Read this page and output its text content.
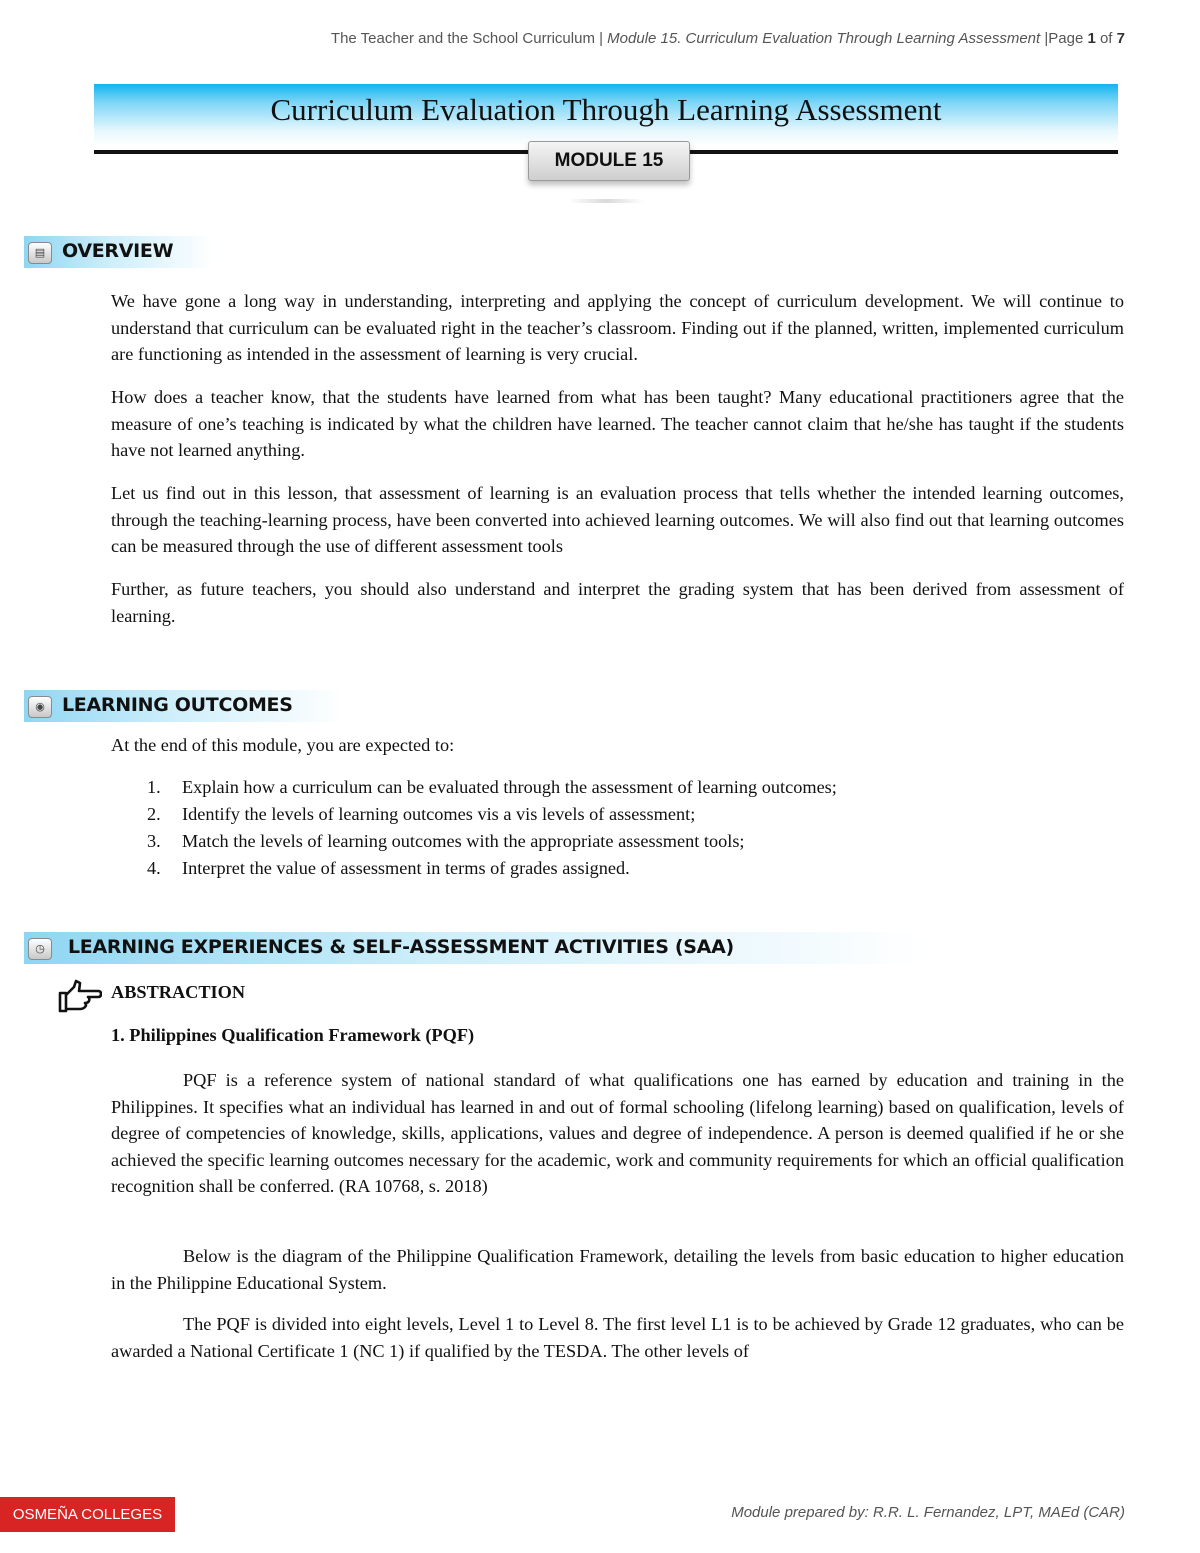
The Teacher and the School Curriculum | Module 15. Curriculum Evaluation Through Learning Assessment |Page 1 of 7
Curriculum Evaluation Through Learning Assessment
MODULE 15
▤ OVERVIEW

We have gone a long way in understanding, interpreting and applying the concept of curriculum development. We will continue to understand that curriculum can be evaluated right in the teacher’s classroom. Finding out if the planned, written, implemented curriculum are functioning as intended in the assessment of learning is very crucial.

How does a teacher know, that the students have learned from what has been taught? Many educational practitioners agree that the measure of one’s teaching is indicated by what the children have learned. The teacher cannot claim that he/she has taught if the students have not learned anything.

Let us find out in this lesson, that assessment of learning is an evaluation process that tells whether the intended learning outcomes, through the teaching-learning process, have been converted into achieved learning outcomes. We will also find out that learning outcomes can be measured through the use of different assessment tools

Further, as future teachers, you should also understand and interpret the grading system that has been derived from assessment of learning.

◉ LEARNING OUTCOMES

At the end of this module, you are expected to:

1. Explain how a curriculum can be evaluated through the assessment of learning outcomes;
2. Identify the levels of learning outcomes vis a vis levels of assessment;
3. Match the levels of learning outcomes with the appropriate assessment tools;
4. Interpret the value of assessment in terms of grades assigned.
◷	LEARNING EXPERIENCES & SELF-ASSESSMENT ACTIVITIES (SAA)
ABSTRACTION
1. Philippines Qualification Framework (PQF)

PQF is a reference system of national standard of what qualifications one has earned by education and training in the Philippines. It specifies what an individual has learned in and out of formal schooling (lifelong learning) based on qualification, levels of degree of competencies of knowledge, skills, applications, values and degree of independence. A person is deemed qualified if he or she achieved the specific learning outcomes necessary for the academic, work and community requirements for which an official qualification recognition shall be conferred. (RA 10768, s. 2018)

Below is the diagram of the Philippine Qualification Framework, detailing the levels from basic education to higher education in the Philippine Educational System.

The PQF is divided into eight levels, Level 1 to Level 8. The first level L1 is to be achieved by Grade 12 graduates, who can be awarded a National Certificate 1 (NC 1) if qualified by the TESDA. The other levels of

OSMEÑA COLLEGES	Module prepared by: R.R. L. Fernandez, LPT, MAEd (CAR)
